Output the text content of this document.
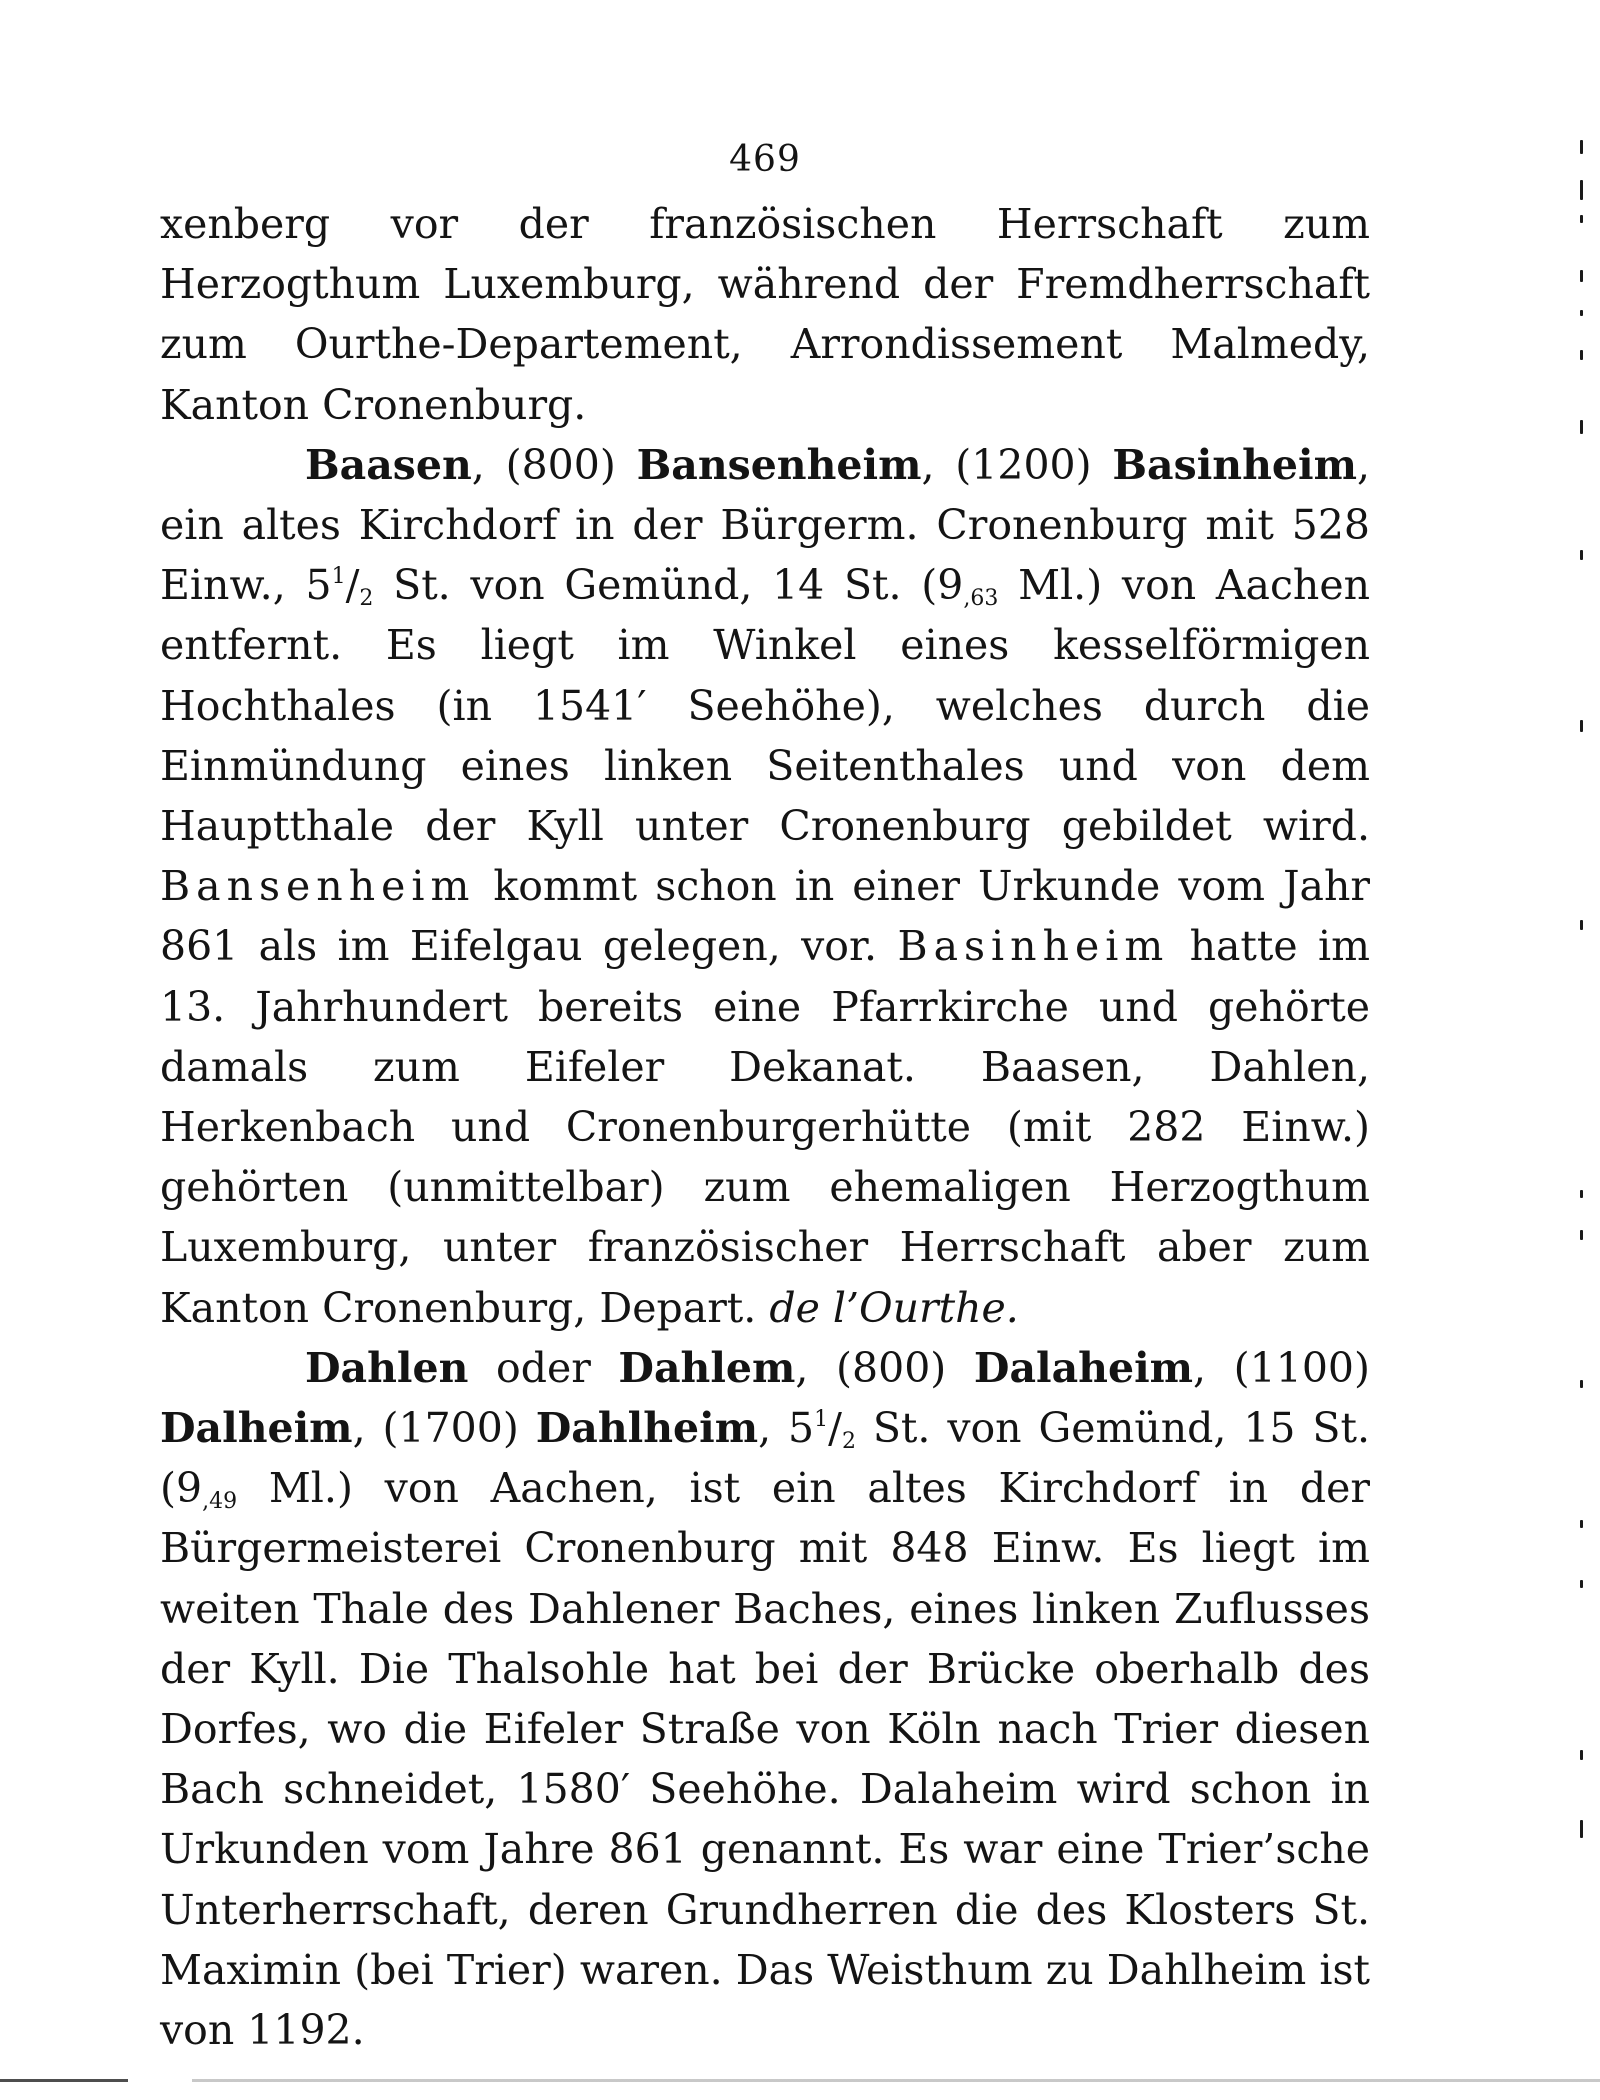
469

xenberg vor der französischen Herrschaft zum Herzogthum Luxemburg, während der Fremdherrschaft zum Ourthe-Departement, Arrondissement Malmedy, Kanton Cronenburg.

Baasen, (800) Bansenheim, (1200) Basinheim, ein altes Kirchdorf in der Bürgerm. Cronenburg mit 528 Einw., $5^1/_2$ St. von Gemünd, 14 St. ($9_{,63}$ Ml.) von Aachen entfernt. Es liegt im Winkel eines kesselförmigen Hochthales (in 1541′ Seehöhe), welches durch die Einmündung eines linken Seitenthales und von dem Hauptthale der Kyll unter Cronenburg gebildet wird. Bansenheim kommt schon in einer Urkunde vom Jahr 861 als im Eifelgau gelegen, vor. Basinheim hatte im 13. Jahrhundert bereits eine Pfarrkirche und gehörte damals zum Eifeler Dekanat. Baasen, Dahlen, Herkenbach und Cronenburgerhütte (mit 282 Einw.) gehörten (unmittelbar) zum ehemaligen Herzogthum Luxemburg, unter französischer Herrschaft aber zum Kanton Cronenburg, Depart. de l’Ourthe.

Dahlen oder Dahlem, (800) Dalaheim, (1100) Dalheim, (1700) Dahlheim, $5^1/_2$ St. von Gemünd, 15 St. ($9_{,49}$ Ml.) von Aachen, ist ein altes Kirchdorf in der Bürgermeisterei Cronenburg mit 848 Einw. Es liegt im weiten Thale des Dahlener Baches, eines linken Zuflusses der Kyll. Die Thalsohle hat bei der Brücke oberhalb des Dorfes, wo die Eifeler Straße von Köln nach Trier diesen Bach schneidet, 1580′ Seehöhe. Dalaheim wird schon in Urkunden vom Jahre 861 genannt. Es war eine Trier’sche Unterherrschaft, deren Grundherren die des Klosters St. Maximin (bei Trier) waren. Das Weisthum zu Dahlheim ist von 1192.
